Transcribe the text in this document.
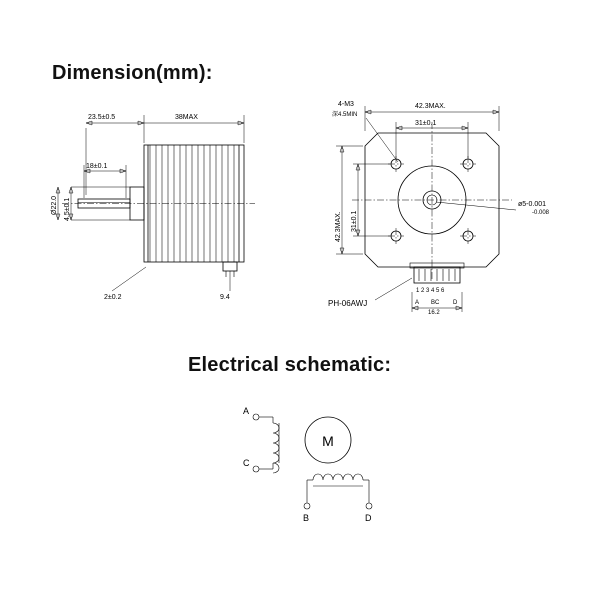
Dimension(mm):
Electrical schematic:
23.5±0.5	38MAX
18±0.1
Ø22.0 4.5±0.1
2±0.2	9.4
4-M3
深4.5MIN
42.3MAX.
31±0.1
42.3MAX. 31±0.1
ø5-0.001
-0.008
PH-06AWJ
1 2 3 4 5 6
A BC D
16.2
M
A
C
B	D
